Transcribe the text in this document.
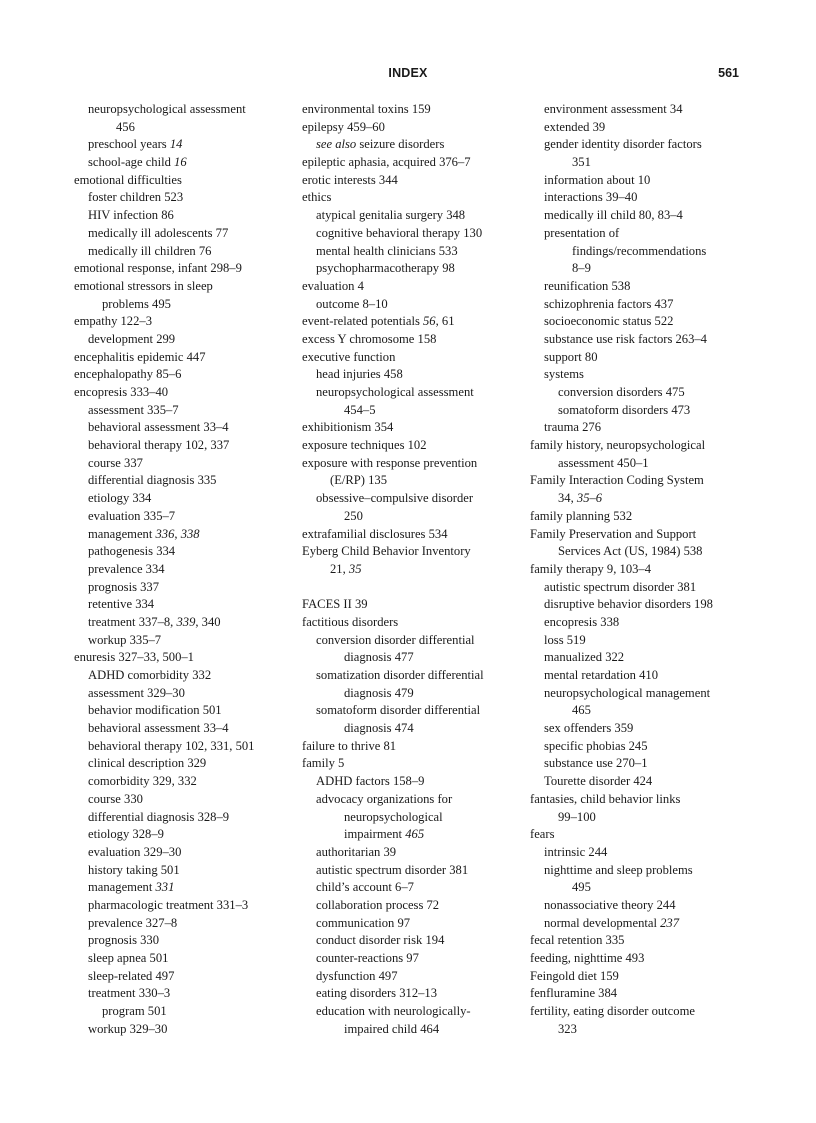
INDEX	561
neuropsychological assessment
456
preschool years 14
school-age child 16
emotional difficulties
foster children 523
HIV infection 86
medically ill adolescents 77
medically ill children 76
emotional response, infant 298–9
emotional stressors in sleep
problems 495
empathy 122–3
development 299
encephalitis epidemic 447
encephalopathy 85–6
encopresis 333–40
assessment 335–7
behavioral assessment 33–4
behavioral therapy 102, 337
course 337
differential diagnosis 335
etiology 334
evaluation 335–7
management 336, 338
pathogenesis 334
prevalence 334
prognosis 337
retentive 334
treatment 337–8, 339, 340
workup 335–7
enuresis 327–33, 500–1
ADHD comorbidity 332
assessment 329–30
behavior modification 501
behavioral assessment 33–4
behavioral therapy 102, 331, 501
clinical description 329
comorbidity 329, 332
course 330
differential diagnosis 328–9
etiology 328–9
evaluation 329–30
history taking 501
management 331
pharmacologic treatment 331–3
prevalence 327–8
prognosis 330
sleep apnea 501
sleep-related 497
treatment 330–3
program 501
workup 329–30
environmental toxins 159
epilepsy 459–60
see also seizure disorders
epileptic aphasia, acquired 376–7
erotic interests 344
ethics
atypical genitalia surgery 348
cognitive behavioral therapy 130
mental health clinicians 533
psychopharmacotherapy 98
evaluation 4
outcome 8–10
event-related potentials 56, 61
excess Y chromosome 158
executive function
head injuries 458
neuropsychological assessment
454–5
exhibitionism 354
exposure techniques 102
exposure with response prevention
(E/RP) 135
obsessive–compulsive disorder
250
extrafamilial disclosures 534
Eyberg Child Behavior Inventory
21, 35
FACES II 39
factitious disorders
conversion disorder differential
diagnosis 477
somatization disorder differential
diagnosis 479
somatoform disorder differential
diagnosis 474
failure to thrive 81
family 5
ADHD factors 158–9
advocacy organizations for
neuropsychological
impairment 465
authoritarian 39
autistic spectrum disorder 381
child’s account 6–7
collaboration process 72
communication 97
conduct disorder risk 194
counter-reactions 97
dysfunction 497
eating disorders 312–13
education with neurologically-
impaired child 464
environment assessment 34
extended 39
gender identity disorder factors
351
information about 10
interactions 39–40
medically ill child 80, 83–4
presentation of
findings/recommendations
8–9
reunification 538
schizophrenia factors 437
socioeconomic status 522
substance use risk factors 263–4
support 80
systems
conversion disorders 475
somatoform disorders 473
trauma 276
family history, neuropsychological
assessment 450–1
Family Interaction Coding System
34, 35–6
family planning 532
Family Preservation and Support
Services Act (US, 1984) 538
family therapy 9, 103–4
autistic spectrum disorder 381
disruptive behavior disorders 198
encopresis 338
loss 519
manualized 322
mental retardation 410
neuropsychological management
465
sex offenders 359
specific phobias 245
substance use 270–1
Tourette disorder 424
fantasies, child behavior links
99–100
fears
intrinsic 244
nighttime and sleep problems
495
nonassociative theory 244
normal developmental 237
fecal retention 335
feeding, nighttime 493
Feingold diet 159
fenfluramine 384
fertility, eating disorder outcome
323
